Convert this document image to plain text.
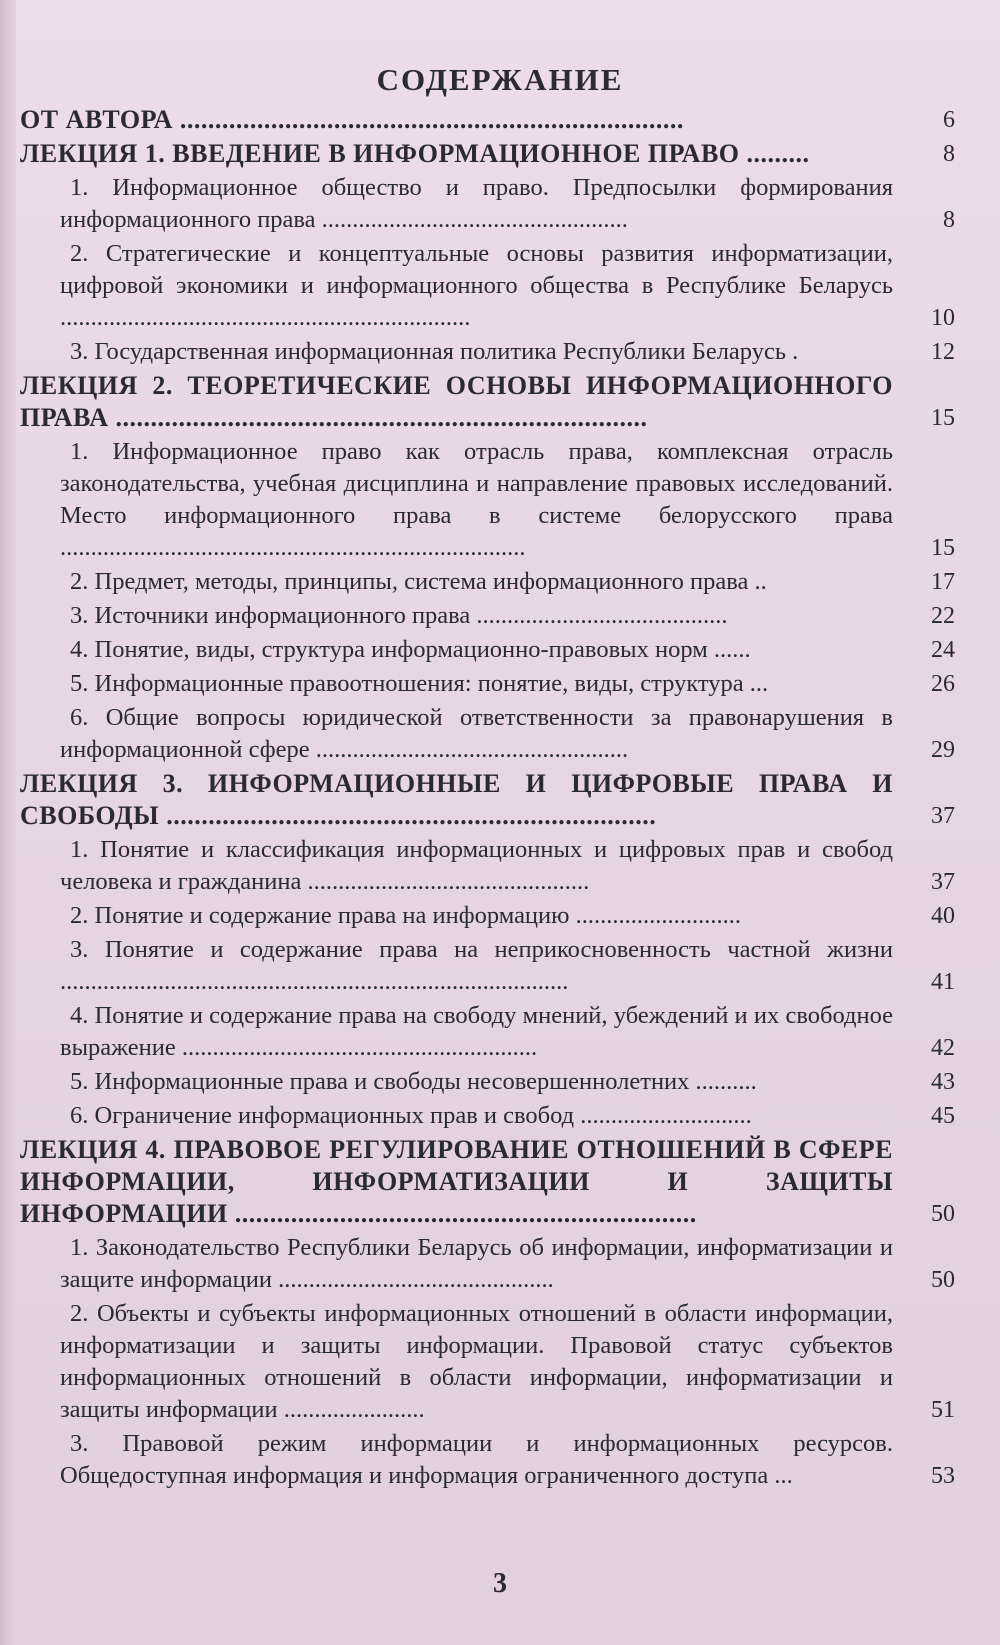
СОДЕРЖАНИЕ
ОТ АВТОРА ........................................................................	6
ЛЕКЦИЯ 1. ВВЕДЕНИЕ В ИНФОРМАЦИОННОЕ ПРАВО .........	8
1. Информационное общество и право. Предпосылки формирования информационного права ..................................................	8
2. Стратегические и концептуальные основы развития информатизации, цифровой экономики и информационного общества в Республике Беларусь ...................................................................	10
3. Государственная информационная политика Республики Беларусь .	12
ЛЕКЦИЯ 2. ТЕОРЕТИЧЕСКИЕ ОСНОВЫ ИНФОРМАЦИОННОГО ПРАВА ............................................................................	15
1. Информационное право как отрасль права, комплексная отрасль законодательства, учебная дисциплина и направление правовых исследований. Место информационного права в системе белорусского права ............................................................................	15
2. Предмет, методы, принципы, система информационного права ..	17
3. Источники информационного права .........................................	22
4. Понятие, виды, структура информационно-правовых норм ......	24
5. Информационные правоотношения: понятие, виды, структура ...	26
6. Общие вопросы юридической ответственности за правонарушения в информационной сфере ...................................................	29
ЛЕКЦИЯ 3. ИНФОРМАЦИОННЫЕ И ЦИФРОВЫЕ ПРАВА И СВОБОДЫ ......................................................................	37
1. Понятие и классификация информационных и цифровых прав и свобод человека и гражданина ..............................................	37
2. Понятие и содержание права на информацию ...........................	40
3. Понятие и содержание права на неприкосновенность частной жизни ...................................................................................	41
4. Понятие и содержание права на свободу мнений, убеждений и их свободное выражение ..........................................................	42
5. Информационные права и свободы несовершеннолетних ..........	43
6. Ограничение информационных прав и свобод ............................	45
ЛЕКЦИЯ 4. ПРАВОВОЕ РЕГУЛИРОВАНИЕ ОТНОШЕНИЙ В СФЕРЕ ИНФОРМАЦИИ, ИНФОРМАТИЗАЦИИ И ЗАЩИТЫ ИНФОРМАЦИИ ..................................................................	50
1. Законодательство Республики Беларусь об информации, информатизации и защите информации .............................................	50
2. Объекты и субъекты информационных отношений в области информации, информатизации и защиты информации. Правовой статус субъектов информационных отношений в области информации, информатизации и защиты информации .......................	51
3. Правовой режим информации и информационных ресурсов. Общедоступная информация и информация ограниченного доступа ...	53
3
